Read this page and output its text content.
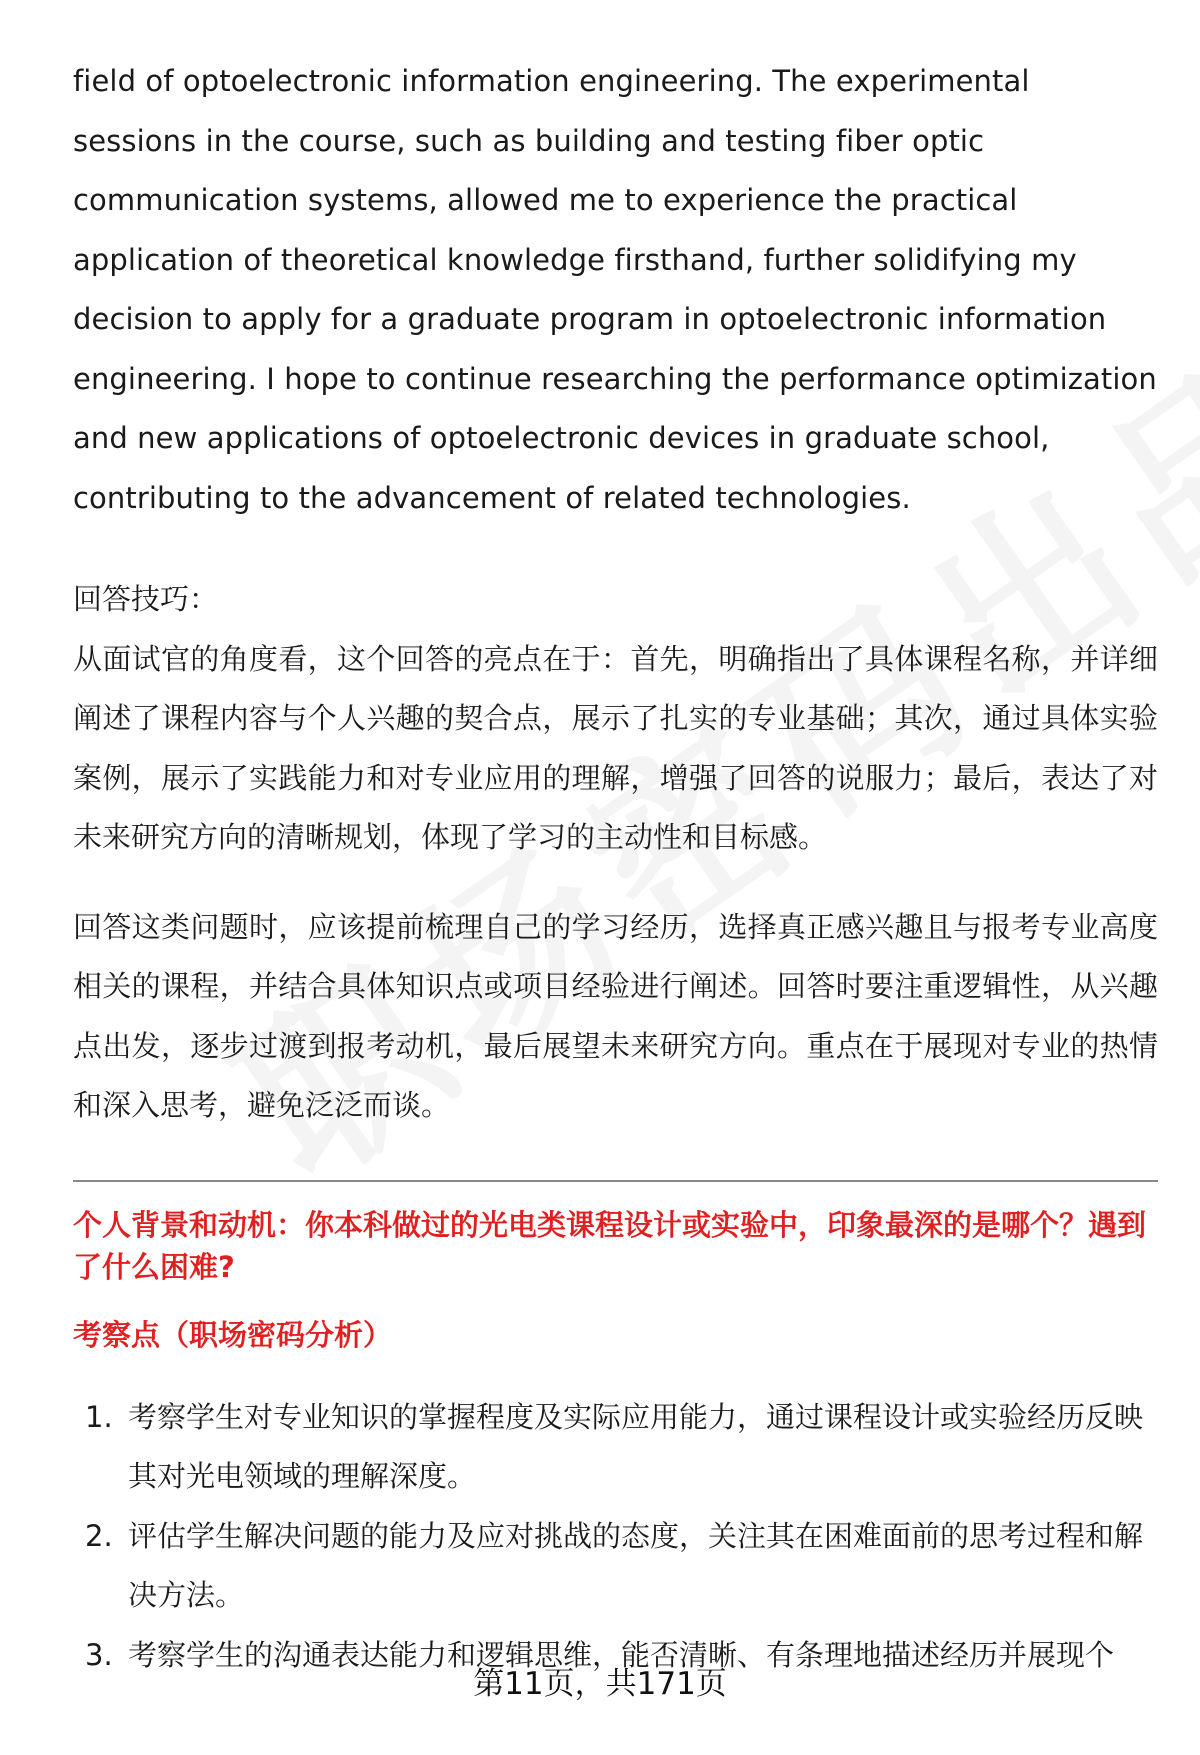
field of optoelectronic information engineering. The experimental sessions in the course, such as building and testing fiber optic communication systems, allowed me to experience the practical application of theoretical knowledge firsthand, further solidifying my decision to apply for a graduate program in optoelectronic information engineering. I hope to continue researching the performance optimization and new applications of optoelectronic devices in graduate school, contributing to the advancement of related technologies.

回答技巧：

从面试官的角度看，这个回答的亮点在于：首先，明确指出了具体课程名称，并详细阐述了课程内容与个人兴趣的契合点，展示了扎实的专业基础；其次，通过具体实验案例，展示了实践能力和对专业应用的理解，增强了回答的说服力；最后，表达了对未来研究方向的清晰规划，体现了学习的主动性和目标感。

回答这类问题时，应该提前梳理自己的学习经历，选择真正感兴趣且与报考专业高度相关的课程，并结合具体知识点或项目经验进行阐述。回答时要注重逻辑性，从兴趣点出发，逐步过渡到报考动机，最后展望未来研究方向。重点在于展现对专业的热情和深入思考，避免泛泛而谈。

个人背景和动机：你本科做过的光电类课程设计或实验中，印象最深的是哪个？遇到了什么困难?

考察点（职场密码分析）

1. 考察学生对专业知识的掌握程度及实际应用能力，通过课程设计或实验经历反映其对光电领域的理解深度。
2. 评估学生解决问题的能力及应对挑战的态度，关注其在困难面前的思考过程和解决方法。
3. 考察学生的沟通表达能力和逻辑思维，能否清晰、有条理地描述经历并展现个
第11页，共171页
